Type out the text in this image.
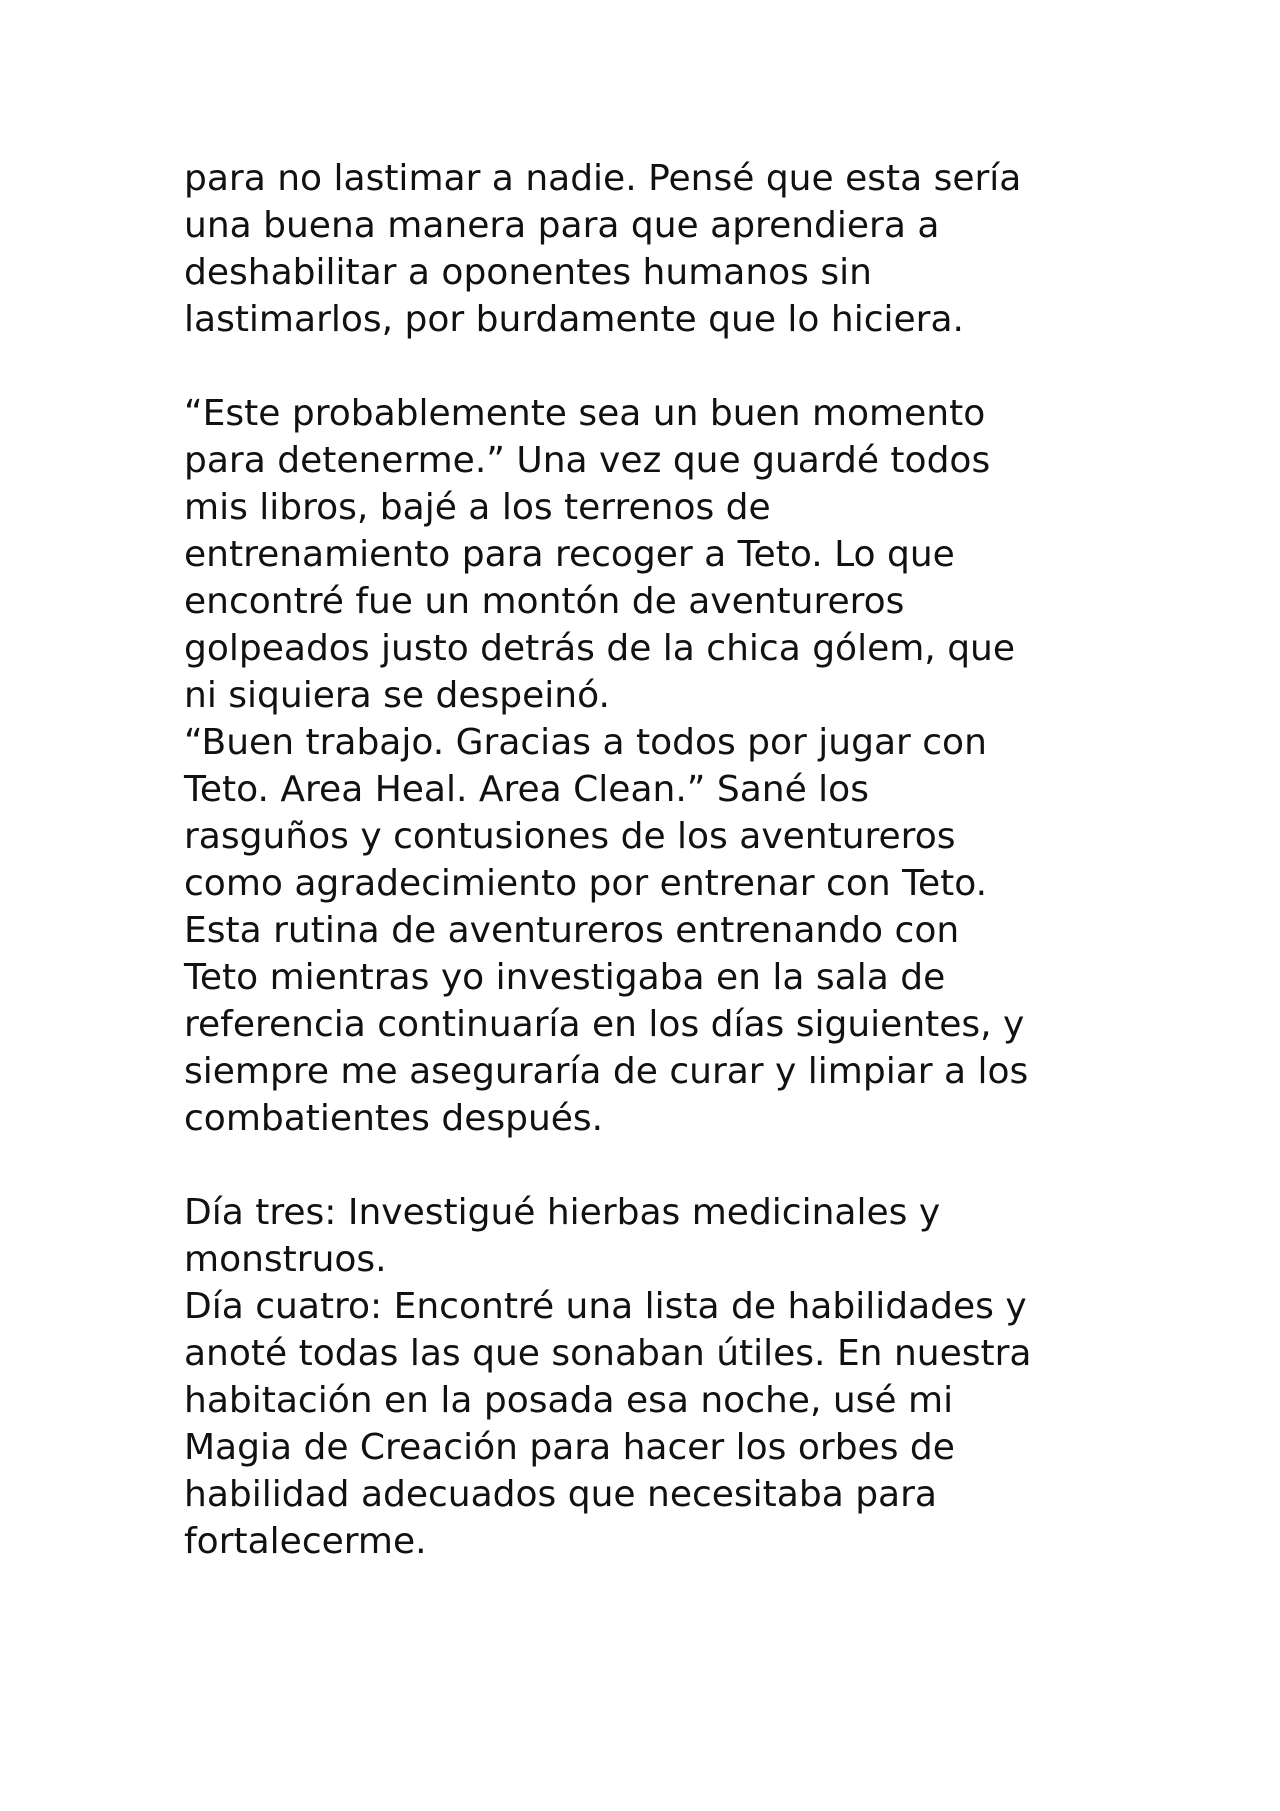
para no lastimar a nadie. Pensé que esta sería
una buena manera para que aprendiera a
deshabilitar a oponentes humanos sin
lastimarlos, por burdamente que lo hiciera.
“Este probablemente sea un buen momento
para detenerme.” Una vez que guardé todos
mis libros, bajé a los terrenos de
entrenamiento para recoger a Teto. Lo que
encontré fue un montón de aventureros
golpeados justo detrás de la chica gólem, que
ni siquiera se despeinó.
“Buen trabajo. Gracias a todos por jugar con
Teto. Area Heal. Area Clean.” Sané los
rasguños y contusiones de los aventureros
como agradecimiento por entrenar con Teto.
Esta rutina de aventureros entrenando con
Teto mientras yo investigaba en la sala de
referencia continuaría en los días siguientes, y
siempre me aseguraría de curar y limpiar a los
combatientes después.
Día tres: Investigué hierbas medicinales y
monstruos.
Día cuatro: Encontré una lista de habilidades y
anoté todas las que sonaban útiles. En nuestra
habitación en la posada esa noche, usé mi
Magia de Creación para hacer los orbes de
habilidad adecuados que necesitaba para
fortalecerme.
